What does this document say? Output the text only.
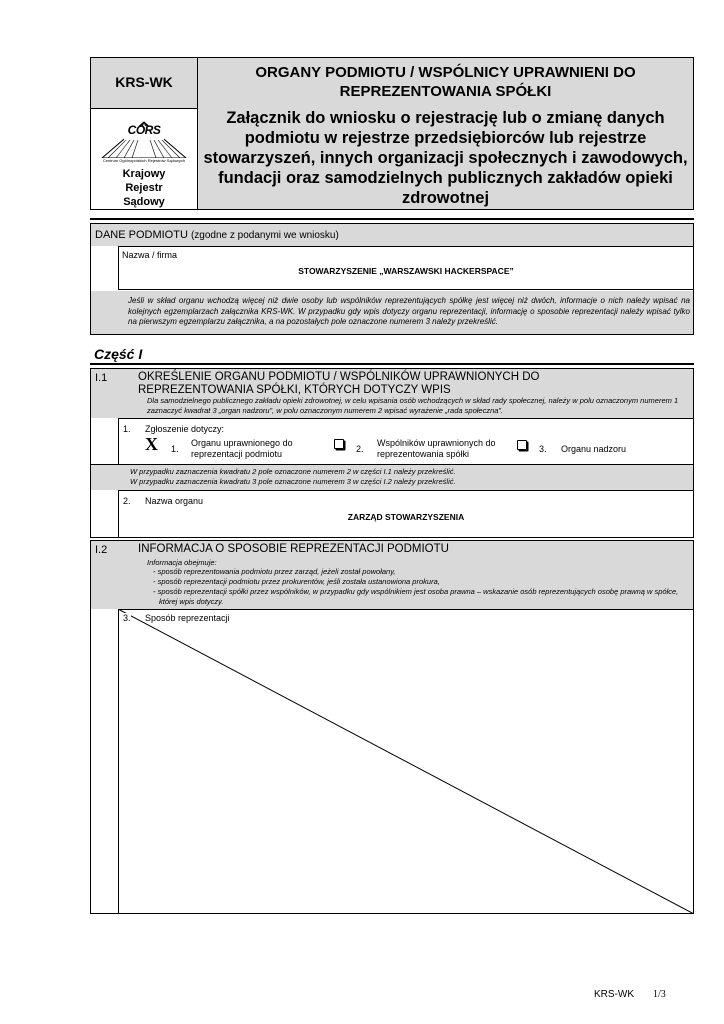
KRS-WK
CORS
Centrum Ogólnopolskich Rejestrów Sądowych
Krajowy Rejestr Sądowy
ORGANY PODMIOTU / WSPÓLNICY UPRAWNIENI DO REPREZENTOWANIA SPÓŁKI
Załącznik do wniosku o rejestrację lub o zmianę danych podmiotu w rejestrze przedsiębiorców lub rejestrze stowarzyszeń, innych organizacji społecznych i zawodowych, fundacji oraz samodzielnych publicznych zakładów opieki zdrowotnej
DANE PODMIOTU (zgodne z podanymi we wniosku)
Nazwa / firma
STOWARZYSZENIE „WARSZAWSKI HACKERSPACE”
Jeśli w skład organu wchodzą więcej niż dwie osoby lub wspólników reprezentujących spółkę jest więcej niż dwóch, informacje o nich należy wpisać na kolejnych egzemplarzach załącznika KRS-WK. W przypadku gdy wpis dotyczy organu reprezentacji, informację o sposobie reprezentacji należy wpisać tylko na pierwszym egzemplarzu załącznika, a na pozostałych pole oznaczone numerem 3 należy przekreślić.
Część I
I.1	OKREŚLENIE ORGANU PODMIOTU / WSPÓLNIKÓW UPRAWNIONYCH DO REPREZENTOWANIA SPÓŁKI, KTÓRYCH DOTYCZY WPIS
Dla samodzielnego publicznego zakładu opieki zdrowotnej, w celu wpisania osób wchodzących w skład rady społecznej, należy w polu oznaczonym numerem 1 zaznaczyć kwadrat 3 „organ nadzoru”, w polu oznaczonym numerem 2 wpisać wyrażenie „rada społeczna”.
1. Zgłoszenie dotyczy:
X 1.
Organu uprawnionego do reprezentacji podmiotu	2.
Wspólników uprawnionych do reprezentowania spółki	3. Organu nadzoru
W przypadku zaznaczenia kwadratu 2 pole oznaczone numerem 2 w części I.1 należy przekreślić.
W przypadku zaznaczenia kwadratu 3 pole oznaczone numerem 3 w części I.2 należy przekreślić.
2. Nazwa organu
ZARZĄD STOWARZYSZENIA
I.2	INFORMACJA O SPOSOBIE REPREZENTACJI PODMIOTU
Informacja obejmuje:
- sposób reprezentowania podmiotu przez zarząd, jeżeli został powołany,
- sposób reprezentacji podmiotu przez prokurentów, jeśli została ustanowiona prokura,
- sposób reprezentacji spółki przez wspólników, w przypadku gdy wspólnikiem jest osoba prawna – wskazanie osób reprezentujących osobę prawną w spółce, której wpis dotyczy.
3. Sposób reprezentacji
KRS-WK 1/3
